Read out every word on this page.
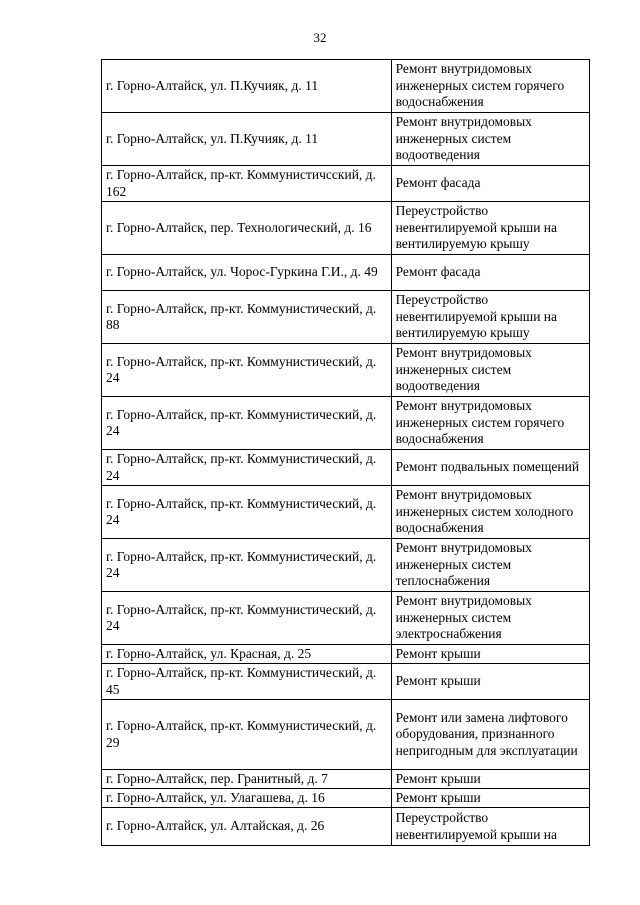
32
г. Горно-Алтайск, ул. П.Кучияк, д. 11	Ремонт внутридомовых инженерных систем горячего водоснабжения
г. Горно-Алтайск, ул. П.Кучияк, д. 11	Ремонт внутридомовых инженерных систем водоотведения
г. Горно-Алтайск, пр-кт. Коммунистичсский, д. 162	Ремонт фасада
г. Горно-Алтайск, пер. Технологический, д. 16	Переустройство невентилируемой крыши на вентилируемую крышу
г. Горно-Алтайск, ул. Чорос-Гуркина Г.И., д. 49	Ремонт фасада
г. Горно-Алтайск, пр-кт. Коммунистический, д. 88	Переустройство невентилируемой крыши на вентилируемую крышу
г. Горно-Алтайск, пр-кт. Коммунистический, д. 24	Ремонт внутридомовых инженерных систем водоотведения
г. Горно-Алтайск, пр-кт. Коммунистический, д. 24	Ремонт внутридомовых инженерных систем горячего водоснабжения
г. Горно-Алтайск, пр-кт. Коммунистический, д. 24	Ремонт подвальных помещений
г. Горно-Алтайск, пр-кт. Коммунистический, д. 24	Ремонт внутридомовых инженерных систем холодного водоснабжения
г. Горно-Алтайск, пр-кт. Коммунистический, д. 24	Ремонт внутридомовых инженерных систем теплоснабжения
г. Горно-Алтайск, пр-кт. Коммунистический, д. 24	Ремонт внутридомовых инженерных систем электроснабжения
г. Горно-Алтайск, ул. Красная, д. 25	Ремонт крыши
г. Горно-Алтайск, пр-кт. Коммунистический, д. 45	Ремонт крыши
г. Горно-Алтайск, пр-кт. Коммунистический, д. 29	Ремонт или замена лифтового оборудования, признанного непригодным для эксплуатации
г. Горно-Алтайск, пер. Гранитный, д. 7	Ремонт крыши
г. Горно-Алтайск, ул. Улагашева, д. 16	Ремонт крыши
г. Горно-Алтайск, ул. Алтайская, д. 26	Переустройство невентилируемой крыши на
